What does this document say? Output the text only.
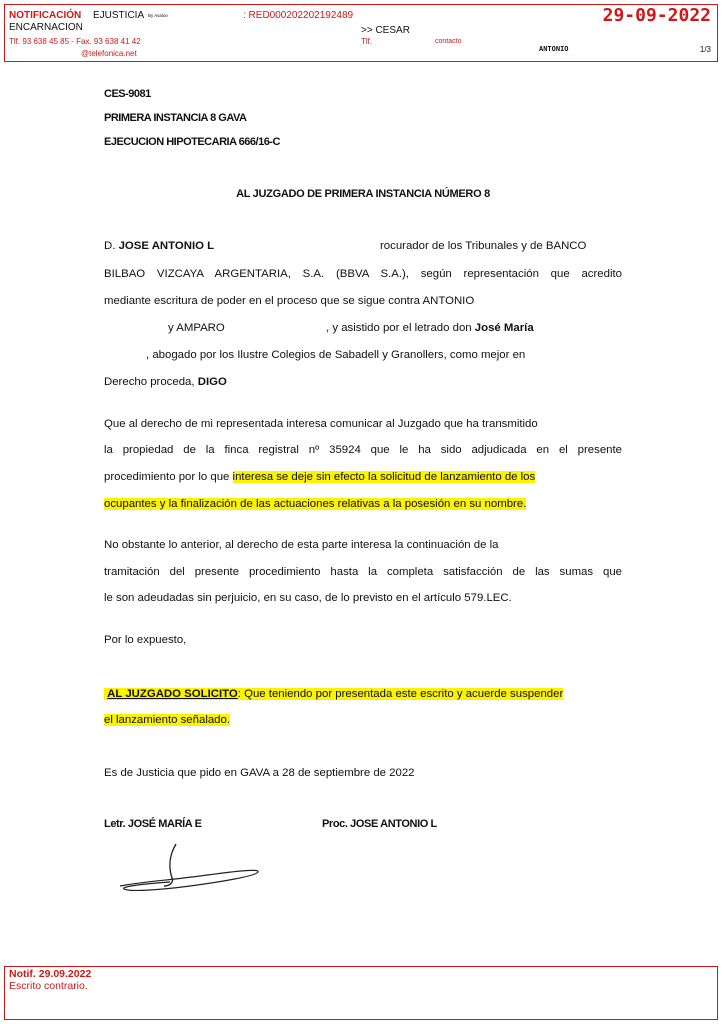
NOTIFICACIÓN EJUSTICIA By Avalon
ENCARNACION
Tlf. 93 638 45 85 - Fax. 93 638 41 42
@telefonica.net
: RED000202202192489
>> CESAR
Tlf.	contacto
29-09-2022
ANTONIO	1/3
CES-9081
PRIMERA INSTANCIA 8 GAVA
EJECUCION HIPOTECARIA 666/16-C
AL JUZGADO DE PRIMERA INSTANCIA NÚMERO 8
D. JOSE ANTONIO L	rocurador de los Tribunales y de BANCO
BILBAO VIZCAYA ARGENTARIA, S.A. (BBVA S.A.), según representación que acredito
mediante escritura de poder en el proceso que se sigue contra ANTONIO
y AMPARO	, y asistido por el letrado don José María
, abogado por los Ilustre Colegios de Sabadell y Granollers, como mejor en
Derecho proceda, DIGO
Que al derecho de mi representada interesa comunicar al Juzgado que ha transmitido
la propiedad de la finca registral nº 35924 que le ha sido adjudicada en el presente
procedimiento por lo que interesa se deje sin efecto la solicitud de lanzamiento de los
ocupantes y la finalización de las actuaciones relativas a la posesión en su nombre.
No obstante lo anterior, al derecho de esta parte interesa la continuación de la
tramitación del presente procedimiento hasta la completa satisfacción de las sumas que
le son adeudadas sin perjuicio, en su caso, de lo previsto en el artículo 579.LEC.
Por lo expuesto,
AL JUZGADO SOLICITO: Que teniendo por presentada este escrito y acuerde suspender
el lanzamiento señalado.
Es de Justicia que pido en GAVA a 28 de septiembre de 2022
Letr. JOSÉ MARÍA E	Proc. JOSE ANTONIO L
Notif. 29.09.2022
Escrito contrario.
